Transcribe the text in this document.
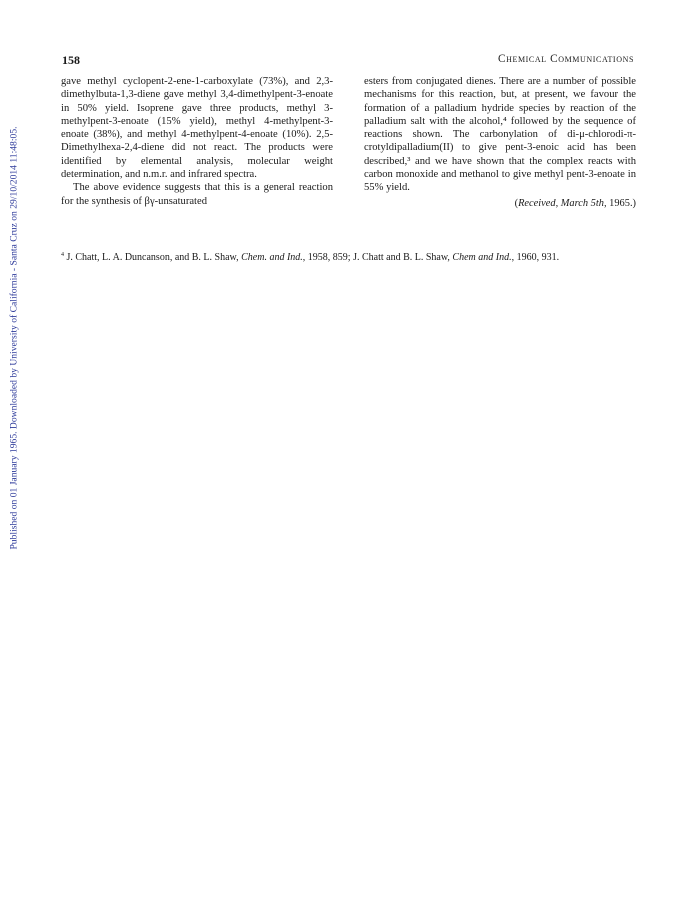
Published on 01 January 1965. Downloaded by University of California - Santa Cruz on 29/10/2014 11:48:05.
158	Chemical Communications

gave methyl cyclopent-2-ene-1-carboxylate (73%), and 2,3-dimethylbuta-1,3-diene gave methyl 3,4-dimethylpent-3-enoate in 50% yield. Isoprene gave three products, methyl 3-methylpent-3-enoate (15% yield), methyl 4-methylpent-3-enoate (38%), and methyl 4-methylpent-4-enoate (10%). 2,5-Dimethylhexa-2,4-diene did not react. The products were identified by elemental analysis, molecular weight determination, and n.m.r. and infrared spectra.

The above evidence suggests that this is a general reaction for the synthesis of βγ-unsaturated

esters from conjugated dienes. There are a number of possible mechanisms for this reaction, but, at present, we favour the formation of a palladium hydride species by reaction of the palladium salt with the alcohol,⁴ followed by the sequence of reactions shown. The carbonylation of di-μ-chlorodi-π-crotyldipalladium(II) to give pent-3-enoic acid has been described,³ and we have shown that the complex reacts with carbon monoxide and methanol to give methyl pent-3-enoate in 55% yield.

(Received, March 5th, 1965.)

$^4$ J. Chatt, L. A. Duncanson, and B. L. Shaw, Chem. and Ind., 1958, 859; J. Chatt and B. L. Shaw, Chem and Ind., 1960, 931.
